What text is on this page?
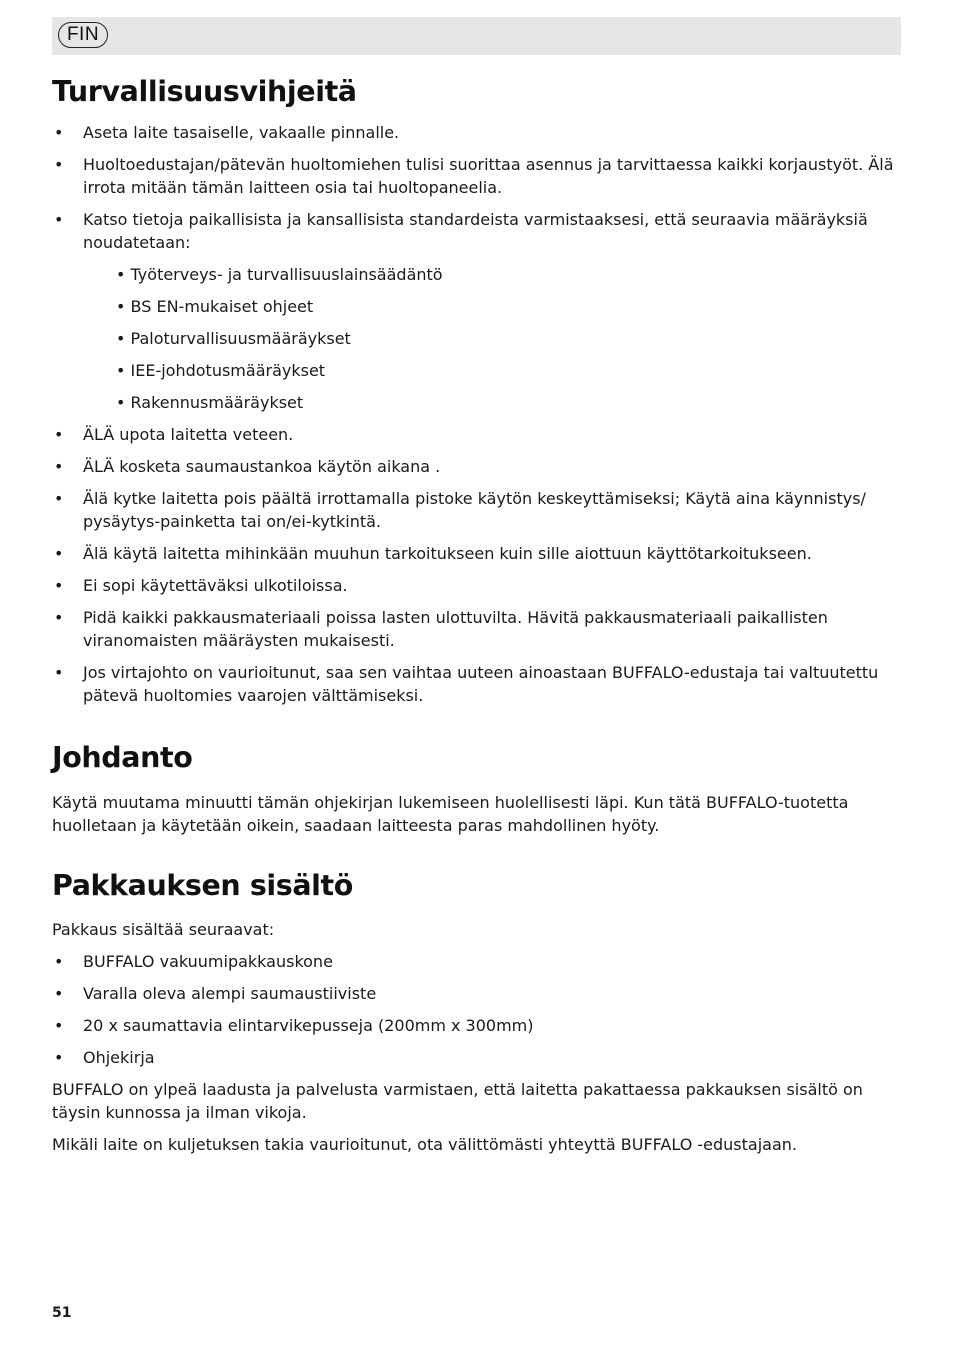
FIN
Turvallisuusvihjeitä
• Aseta laite tasaiselle, vakaalle pinnalle.
• Huoltoedustajan/pätevän huoltomiehen tulisi suorittaa asennus ja tarvittaessa kaikki korjaustyöt. Älä irrota mitään tämän laitteen osia tai huoltopaneelia.
• Katso tietoja paikallisista ja kansallisista standardeista varmistaaksesi, että seuraavia määräyksiä noudatetaan:
• Työterveys- ja turvallisuuslainsäädäntö
• BS EN-mukaiset ohjeet
• Paloturvallisuusmääräykset
• IEE-johdotusmääräykset
• Rakennusmääräykset
• ÄLÄ upota laitetta veteen.
• ÄLÄ kosketa saumaustankoa käytön aikana .
• Älä kytke laitetta pois päältä irrottamalla pistoke käytön keskeyttämiseksi; Käytä aina käynnistys/ pysäytys-painketta tai on/ei-kytkintä.
• Älä käytä laitetta mihinkään muuhun tarkoitukseen kuin sille aiottuun käyttötarkoitukseen.
• Ei sopi käytettäväksi ulkotiloissa.
• Pidä kaikki pakkausmateriaali poissa lasten ulottuvilta. Hävitä pakkausmateriaali paikallisten viranomaisten määräysten mukaisesti.
• Jos virtajohto on vaurioitunut, saa sen vaihtaa uuteen ainoastaan BUFFALO-edustaja tai valtuutettu pätevä huoltomies vaarojen välttämiseksi.
Johdanto
Käytä muutama minuutti tämän ohjekirjan lukemiseen huolellisesti läpi. Kun tätä BUFFALO-tuotetta huolletaan ja käytetään oikein, saadaan laitteesta paras mahdollinen hyöty.
Pakkauksen sisältö
Pakkaus sisältää seuraavat:
• BUFFALO vakuumipakkauskone
• Varalla oleva alempi saumaustiiviste
• 20 x saumattavia elintarvikepusseja (200mm x 300mm)
• Ohjekirja
BUFFALO on ylpeä laadusta ja palvelusta varmistaen, että laitetta pakattaessa pakkauksen sisältö on täysin kunnossa ja ilman vikoja.
Mikäli laite on kuljetuksen takia vaurioitunut, ota välittömästi yhteyttä BUFFALO -edustajaan.
51
